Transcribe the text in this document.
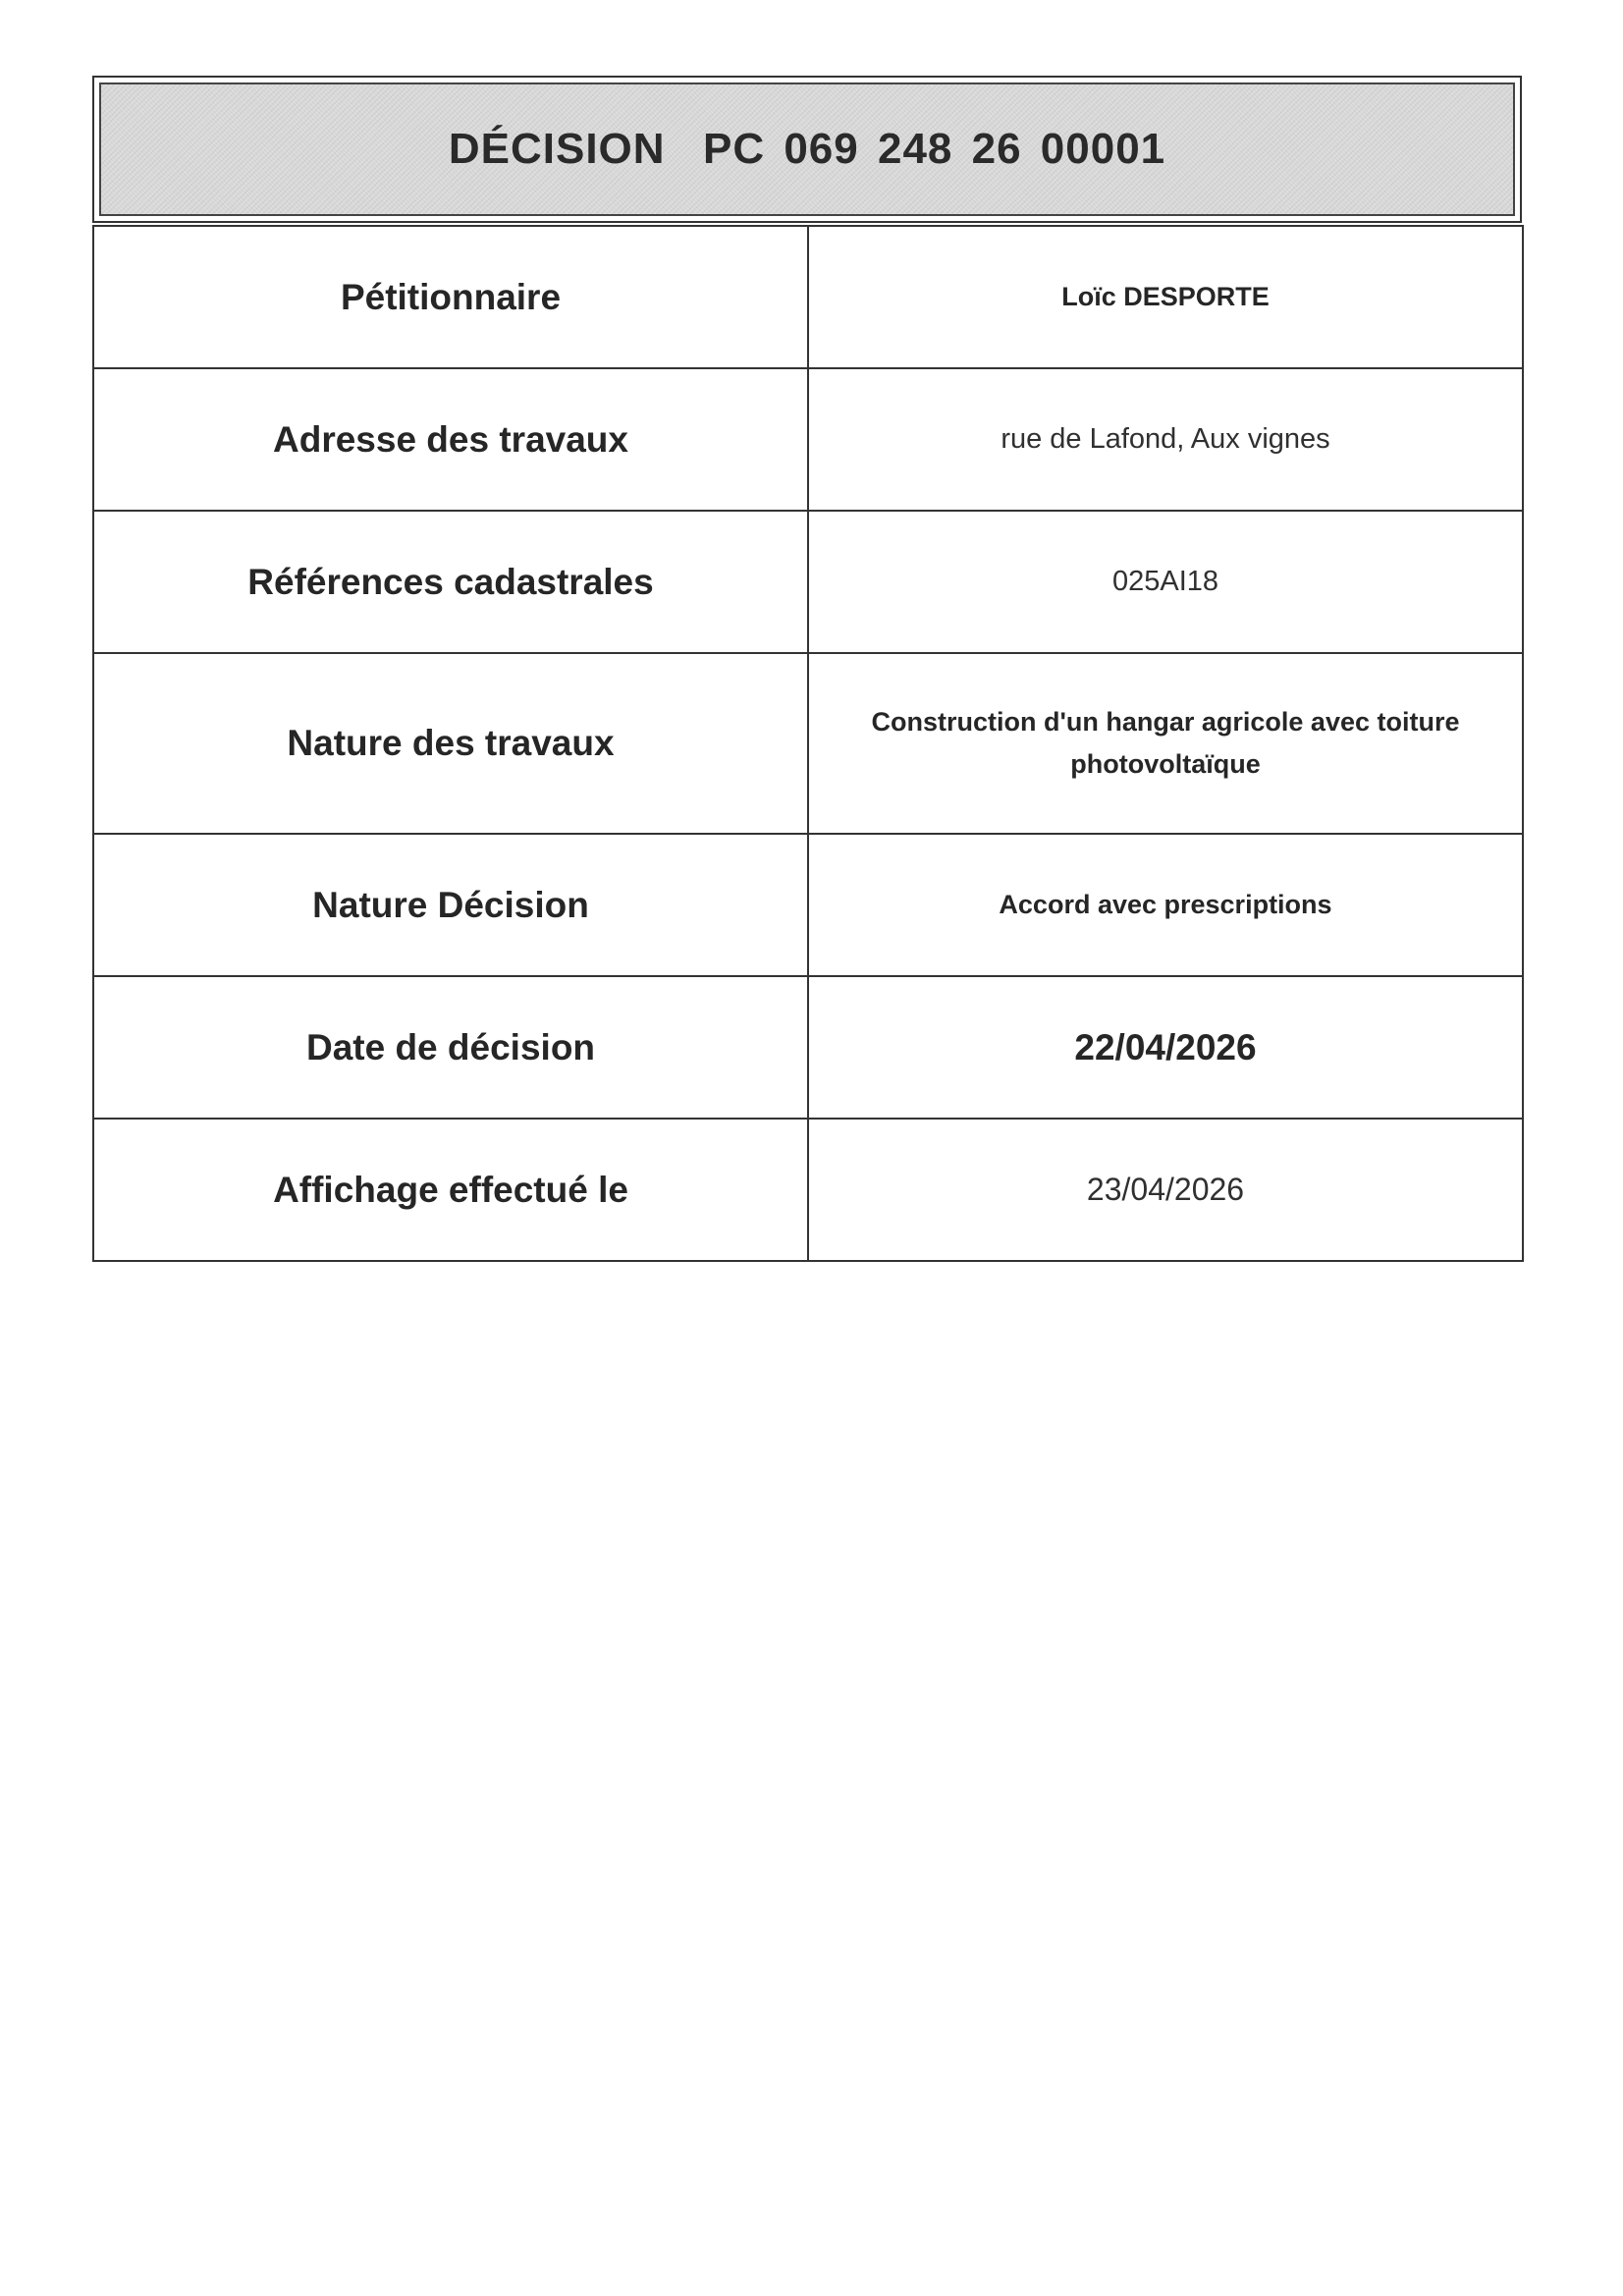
DÉCISION  PC 069 248 26 00001
Pétitionnaire	Loïc DESPORTE
Adresse des travaux	rue de Lafond, Aux vignes
Références cadastrales	025AI18
Nature des travaux	Construction d'un hangar agricole avec toiture photovoltaïque

Nature Décision	Accord avec prescriptions
Date de décision	22/04/2026
Affichage effectué le	23/04/2026
